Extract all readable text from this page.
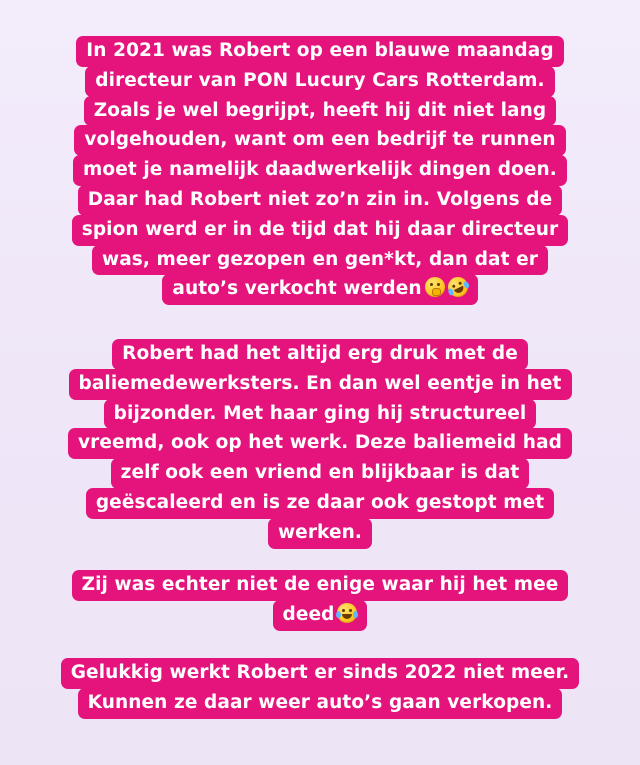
In 2021 was Robert op een blauwe maandag
directeur van PON Lucury Cars Rotterdam.
Zoals je wel begrijpt, heeft hij dit niet lang
volgehouden, want om een bedrijf te runnen
moet je namelijk daadwerkelijk dingen doen.
Daar had Robert niet zo’n zin in. Volgens de
spion werd er in de tijd dat hij daar directeur
was, meer gezopen en gen*kt, dan dat er
auto’s verkocht werden
Robert had het altijd erg druk met de
baliemedewerksters. En dan wel eentje in het
bijzonder. Met haar ging hij structureel
vreemd, ook op het werk. Deze baliemeid had
zelf ook een vriend en blijkbaar is dat
geëscaleerd en is ze daar ook gestopt met
werken.
Zij was echter niet de enige waar hij het mee
deed
Gelukkig werkt Robert er sinds 2022 niet meer.
Kunnen ze daar weer auto’s gaan verkopen.
